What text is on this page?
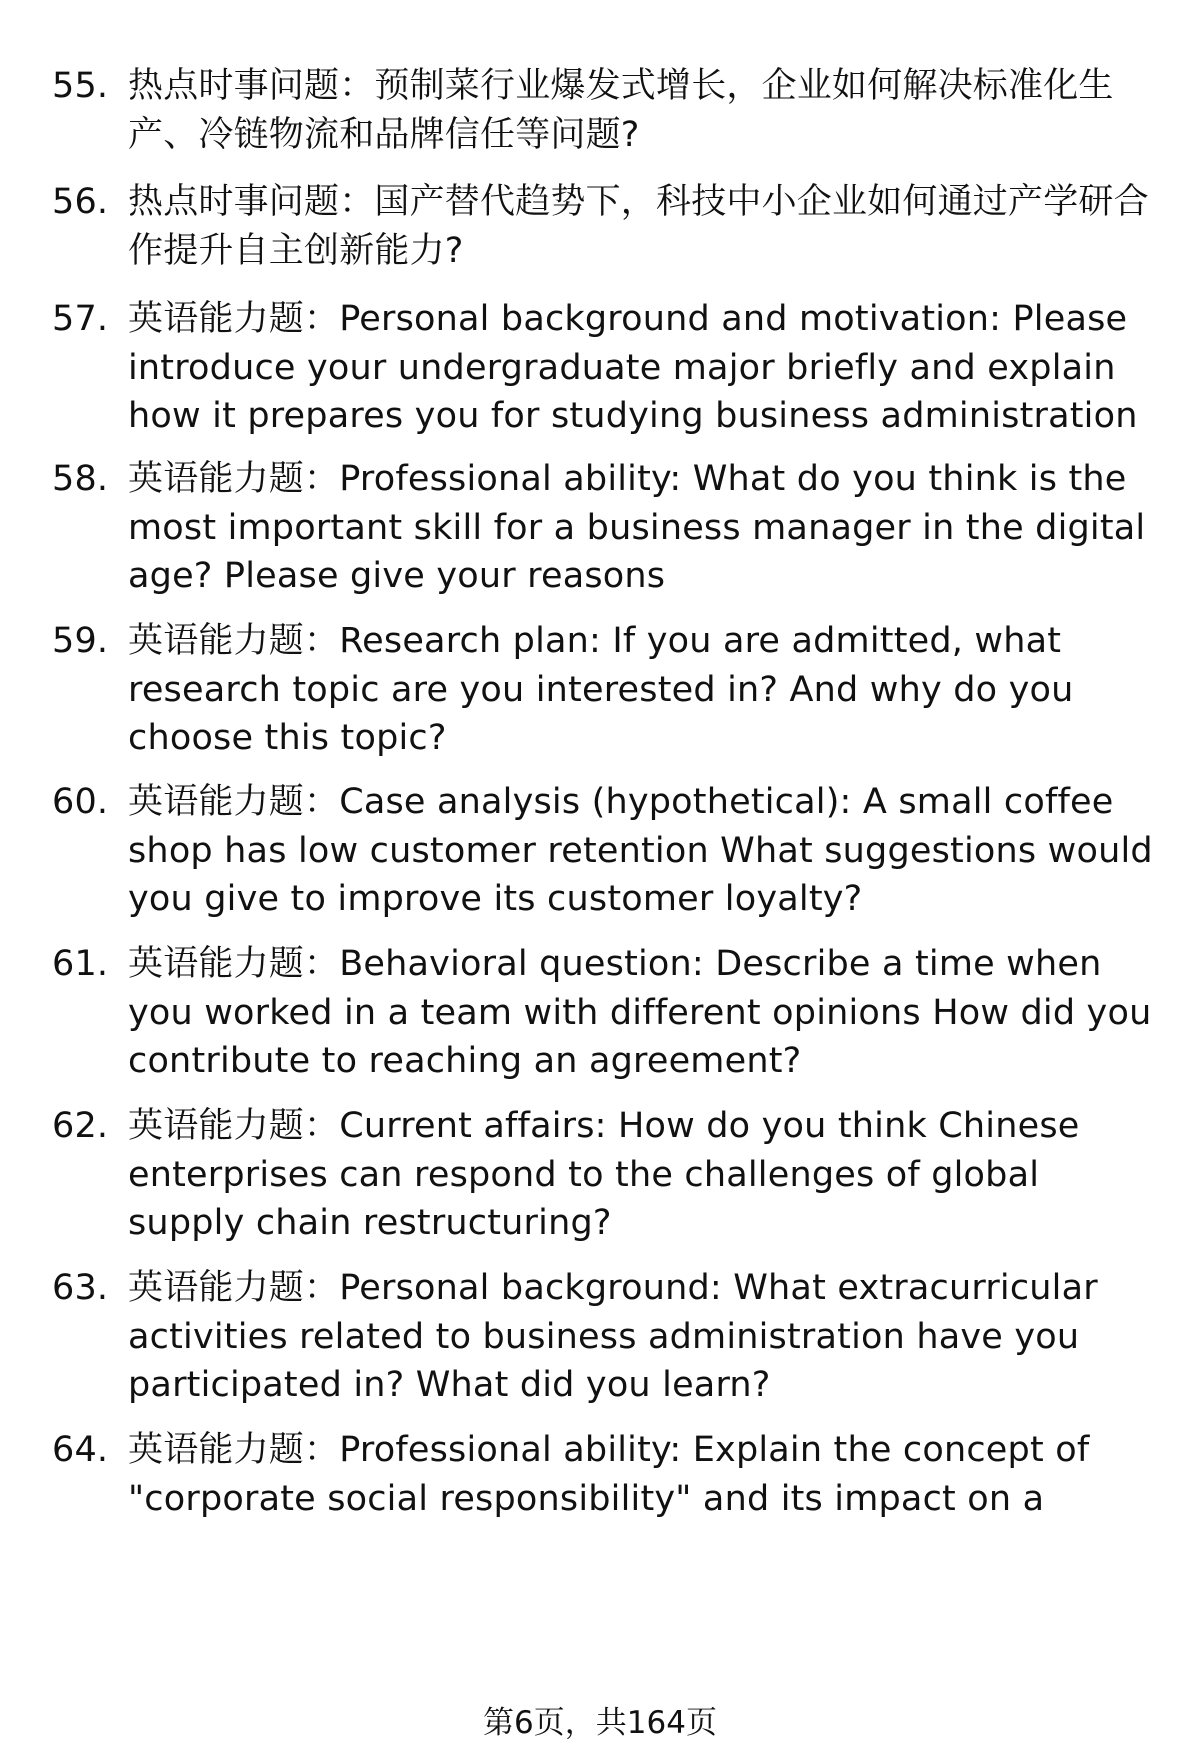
55. 热点时事问题：预制菜行业爆发式增长，企业如何解决标准化生产、冷链物流和品牌信任等问题?
56. 热点时事问题：国产替代趋势下，科技中小企业如何通过产学研合作提升自主创新能力?
57. 英语能力题：Personal background and motivation: Please introduce your undergraduate major briefly and explain how it prepares you for studying business administration
58. 英语能力题：Professional ability: What do you think is the most important skill for a business manager in the digital age? Please give your reasons
59. 英语能力题：Research plan: If you are admitted, what research topic are you interested in? And why do you choose this topic?
60. 英语能力题：Case analysis (hypothetical): A small coffee shop has low customer retention What suggestions would you give to improve its customer loyalty?
61. 英语能力题：Behavioral question: Describe a time when you worked in a team with different opinions How did you contribute to reaching an agreement?
62. 英语能力题：Current affairs: How do you think Chinese enterprises can respond to the challenges of global supply chain restructuring?
63. 英语能力题：Personal background: What extracurricular activities related to business administration have you participated in? What did you learn?
64. 英语能力题：Professional ability: Explain the concept of "corporate social responsibility" and its impact on a
第6页，共164页
